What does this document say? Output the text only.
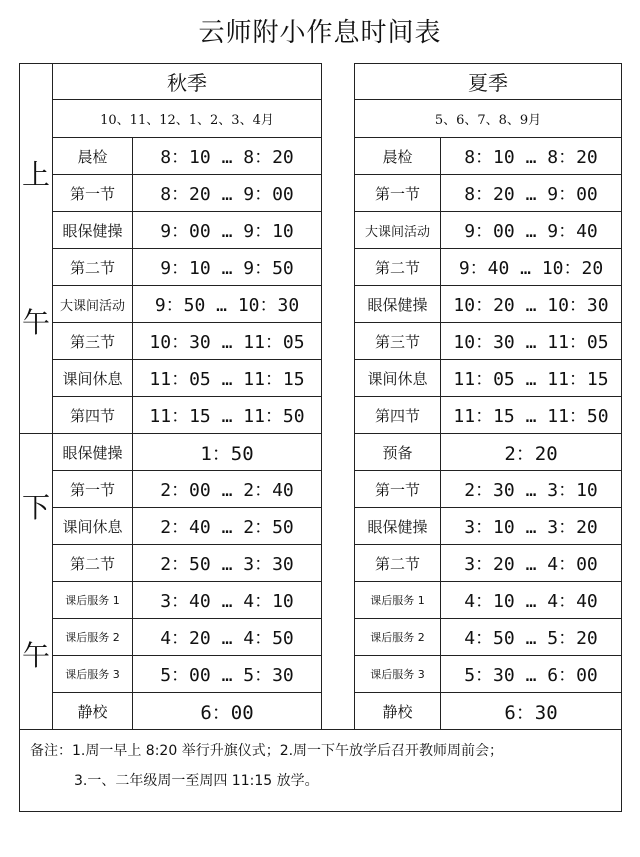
云师附小作息时间表
上
午	秋季			夏季	
	10、11、12、1、2、3、4月			5、6、7、8、9月	
	晨检	8：10 … 8：20		晨检	8：10 … 8：20
	第一节	8：20 … 9：00		第一节	8：20 … 9：00
	眼保健操	9：00 … 9：10		大课间活动	9：00 … 9：40
	第二节	9：10 … 9：50		第二节	9：40 … 10：20
	大课间活动	9：50 … 10：30		眼保健操	10：20 … 10：30
	第三节	10：30 … 11：05		第三节	10：30 … 11：05
	课间休息	11：05 … 11：15		课间休息	11：05 … 11：15
	第四节	11：15 … 11：50		第四节	11：15 … 11：50

下
午	眼保健操	1：50		预备	2：20
	第一节	2：00 … 2：40		第一节	2：30 … 3：10
	课间休息	2：40 … 2：50		眼保健操	3：10 … 3：20
	第二节	2：50 … 3：30		第二节	3：20 … 4：00
	课后服务 1	3：40 … 4：10		课后服务 1	4：10 … 4：40
	课后服务 2	4：20 … 4：50		课后服务 2	4：50 … 5：20
	课后服务 3	5：00 … 5：30		课后服务 3	5：30 … 6：00
	静校	6：00		静校	6：30

备注：1.周一早上 8:20 举行升旗仪式；2.周一下午放学后召开教师周前会；
3.一、二年级周一至周四 11:15 放学。					
